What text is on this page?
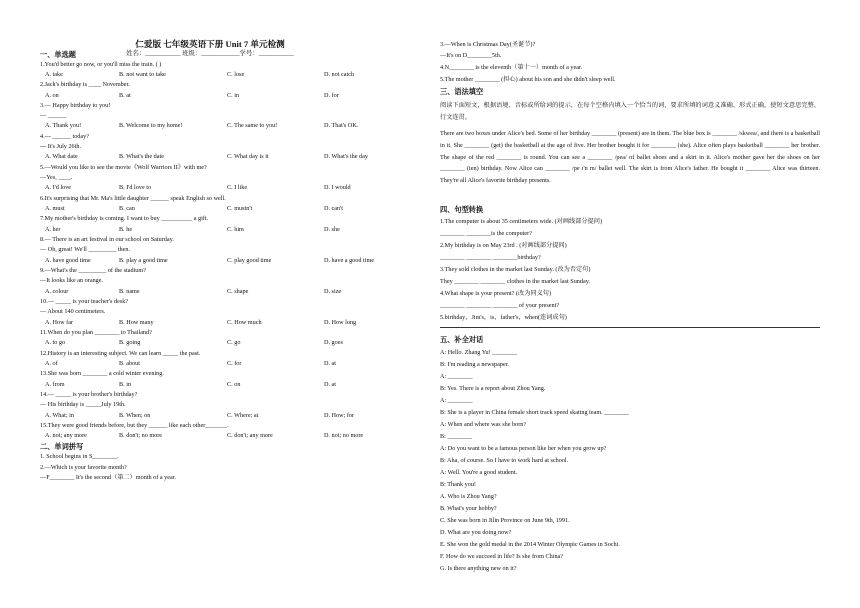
仁爱版 七年级英语下册 Unit 7 单元检测
姓名：___________ 班级：____________学号：___________
一、单选题
1.You'd better go now, or you'll miss the train. ( )
A. take	B. not want to take	C. lose	D. not catch
2.Jack's birthday is ____ November.
A. on	B. at	C. in	D. for
3.— Happy birthday to you!
— ______
A. Thank you!	B. Welcome to my home!	C. The same to you!	D. That's OK.
4.--- ______ today?
--- It's July 26th.
A. What date	B. What's the date	C. What day is it	D. What's the day
5.—Would you like to see the movie《Wolf Warriors II》with me?
—Yes, ____.
A. I'd love	B. I'd love to	C. I like	D. I would
6.It's surprising that Mr. Ma's little daughter ______ speak English so well.
A. must	B. can	C. mustn't	D. can't
7.My mother's birthday is coming. I want to buy __________ a gift.
A. her	B. he	C. him	D. she
8.— There is an art festival in our school on Saturday.
— Oh, great! We'll _________ then.
A. have good time	B. play a good time	C. play good time	D. have a good time
9.—What's the _________ of the stadium?
—It looks like an orange.
A. colour	B. name	C. shape	D. size
10.— _____ is your teacher's desk?
— About 140 centimeters.
A. How far	B. How many	C. How much	D. How long
11.When do you plan ________ to Thailand?
A. to go	B. going	C. go	D. goes
12.History is an interesting subject. We can learn _____ the past.
A. of	B. about	C. for	D. at
13.She was born ________ a cold winter evening.
A. from	B. in	C. on	D. at
14.— _____ is your brother's birthday?
— His birthday is _____July 19th.
A. What; in	B. When; on	C. Where; at	D. How; for
15.They were good friends before, but they ______ like each other_______.
A. not; any more	B. don't; no more	C. don't; any more	D. not; no more
二、单词拼写
1. School begins in S________.
2.—Which is your favorite month?
—F________ It's the second（第二）month of a year.
3.—When is Christmas Day(圣诞节)?
—It's on D________5th.
4.N________ is the eleventh（第十一）month of a year.
5.The mother ________ (担心) about his son and she didn't sleep well.
三、语法填空
阅读下面短文，根据语境、音标或所给词的提示，在每个空格内填入一个恰当的词，要求所填的词意义准确、形式正确，使短文意思完整、行文连贯。
There are two boxes under Alice's bed. Some of her birthday ________ (present) are in them. The blue box is ________ /skwea/, and there is a basketball in it. She ________ (get) the basketball at the age of five. Her brother bought it for ________ (she). Alice often plays basketball ________ her brother. The shape of the red ________ is round. You can see a ________ /pea/ of ballet shoes and a skirt in it. Alice's mother gave her the shoes on her ________ (ten) birthday. Now Alice can ________ /pe ɪ'n m/ ballet well. The skirt is from Alice's father. He bought it ________ Alice was thirteen. They're all Alice's favorite birthday presents.
四、句型转换
1.The computer is about 35 centimeters wide. (对画线部分提问)
________ ________is the computer?
2.My birthday is on May 23rd . (对画线部分提问)
________ ________ ________birthday?
3.They sold clothes in the market last Sunday. (改为否定句)
They ________ ________ clothes in the market last Sunday.
4.What shape is your present? (改为同义句)
________ ________ ________ of your present?
5.birthday，Jim's，is，father's，when(连词成句)
五、补全对话
A: Hello. Zhang Yu! ________
B: I'm reading a newspaper.
A: ________
B: Yes. There is a report about Zhou Yang.
A: ________
B: She is a player in China female short track speed skating team. ________
A: When and where was she born?
B: ________
A: Do you want to be a famous person like her when you grow up?
B: Aha, of course. So I have to work hard at school.
A: Well. You're a good student.
B: Thank you!
A. Who is Zhou Yang?
B. What's your hobby?
C. She was born in Jilin Province on June 9th, 1991.
D. What are you doing now?
E. She won the gold medal in the 2014 Winter Olympic Games in Sochi.
F. How do we succeed in life? Is she from China?
G. Is there anything new on it?
